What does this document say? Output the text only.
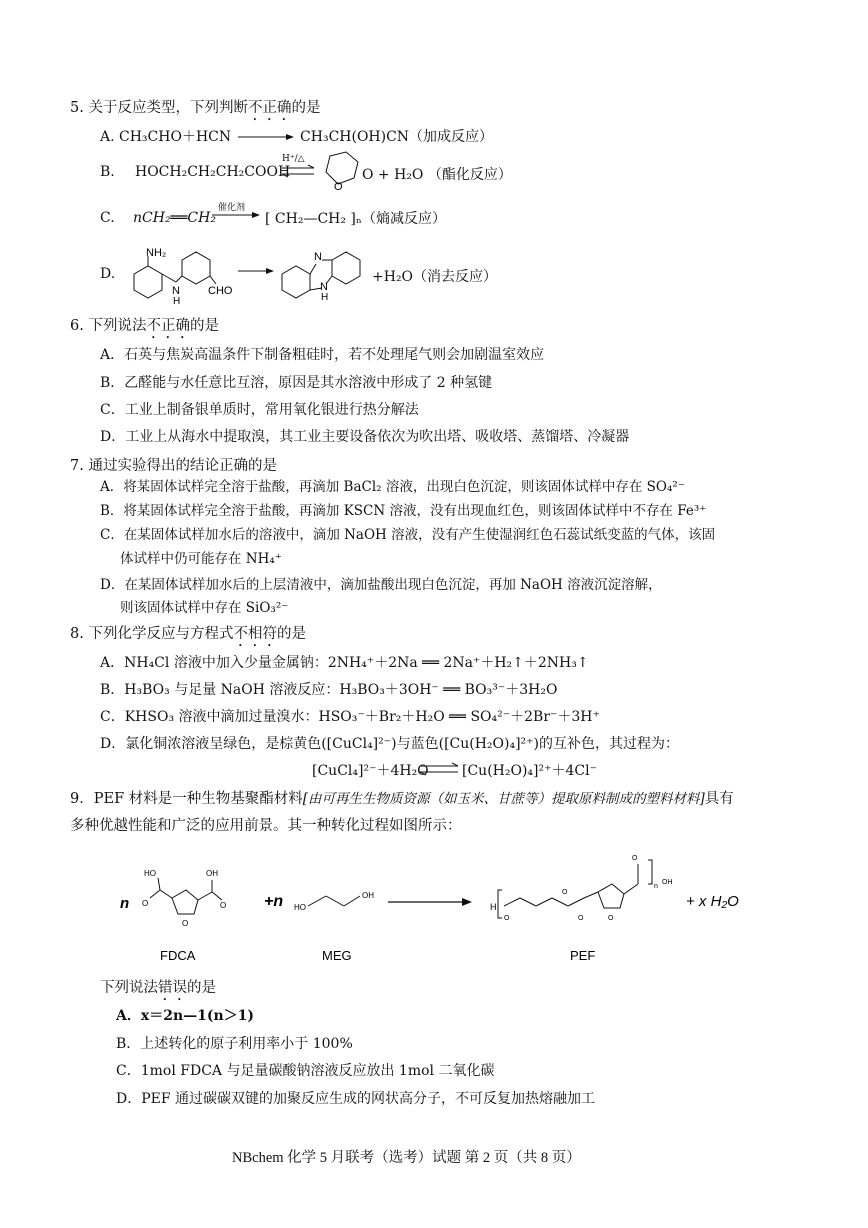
5. 关于反应类型，下列判断不正确的是
A. CH₃CHO＋HCN	CH₃CH(OH)CN（加成反应）
B. HOCH₂CH₂CH₂COOH
H⁺/△
O
O + H₂O （酯化反应）
C. nCH₂══CH₂
催化剂
[ CH₂—CH₂ ]ₙ（熵减反应）
D.
NH₂
N
H
CHO
N
N
H
+H₂O（消去反应）
6. 下列说法不正确的是
A．石英与焦炭高温条件下制备粗硅时，若不处理尾气则会加剧温室效应
B．乙醛能与水任意比互溶，原因是其水溶液中形成了 2 种氢键
C．工业上制备银单质时，常用氧化银进行热分解法
D．工业上从海水中提取溴，其工业主要设备依次为吹出塔、吸收塔、蒸馏塔、冷凝器
7. 通过实验得出的结论正确的是
A．将某固体试样完全溶于盐酸，再滴加 BaCl₂ 溶液，出现白色沉淀，则该固体试样中存在 SO₄²⁻
B．将某固体试样完全溶于盐酸，再滴加 KSCN 溶液，没有出现血红色，则该固体试样中不存在 Fe³⁺
C．在某固体试样加水后的溶液中，滴加 NaOH 溶液，没有产生使湿润红色石蕊试纸变蓝的气体，该固
体试样中仍可能存在 NH₄⁺
D．在某固体试样加水后的上层清液中，滴加盐酸出现白色沉淀，再加 NaOH 溶液沉淀溶解，
则该固体试样中存在 SiO₃²⁻
8. 下列化学反应与方程式不相符的是
A．NH₄Cl 溶液中加入少量金属钠：2NH₄⁺＋2Na ══ 2Na⁺＋H₂↑＋2NH₃↑
B．H₃BO₃ 与足量 NaOH 溶液反应：H₃BO₃＋3OH⁻ ══ BO₃³⁻＋3H₂O
C．KHSO₃ 溶液中滴加过量溴水：HSO₃⁻＋Br₂＋H₂O ══ SO₄²⁻＋2Br⁻＋3H⁺
D．氯化铜浓溶液呈绿色，是棕黄色([CuCl₄]²⁻)与蓝色([Cu(H₂O)₄]²⁺)的互补色，其过程为：
[CuCl₄]²⁻＋4H₂O [Cu(H₂O)₄]²⁺＋4Cl⁻
9．PEF 材料是一种生物基聚酯材料[由可再生生物质资源（如玉米、甘蔗等）提取原料制成的塑料材料]具有
多种优越性能和广泛的应用前景。其一种转化过程如图所示：
n
HO
O
O
OH
O
FDCA
+n HO
OH
MEG
H
O
O
O	O
O
n
OH
PEF
+ x H₂O
下列说法错误的是
A．x＝2n—1(n＞1)
B．上述转化的原子利用率小于 100%
C．1mol FDCA 与足量碳酸钠溶液反应放出 1mol 二氧化碳
D．PEF 通过碳碳双键的加聚反应生成的网状高分子，不可反复加热熔融加工
NBchem 化学 5 月联考（选考）试题 第 2 页（共 8 页）
